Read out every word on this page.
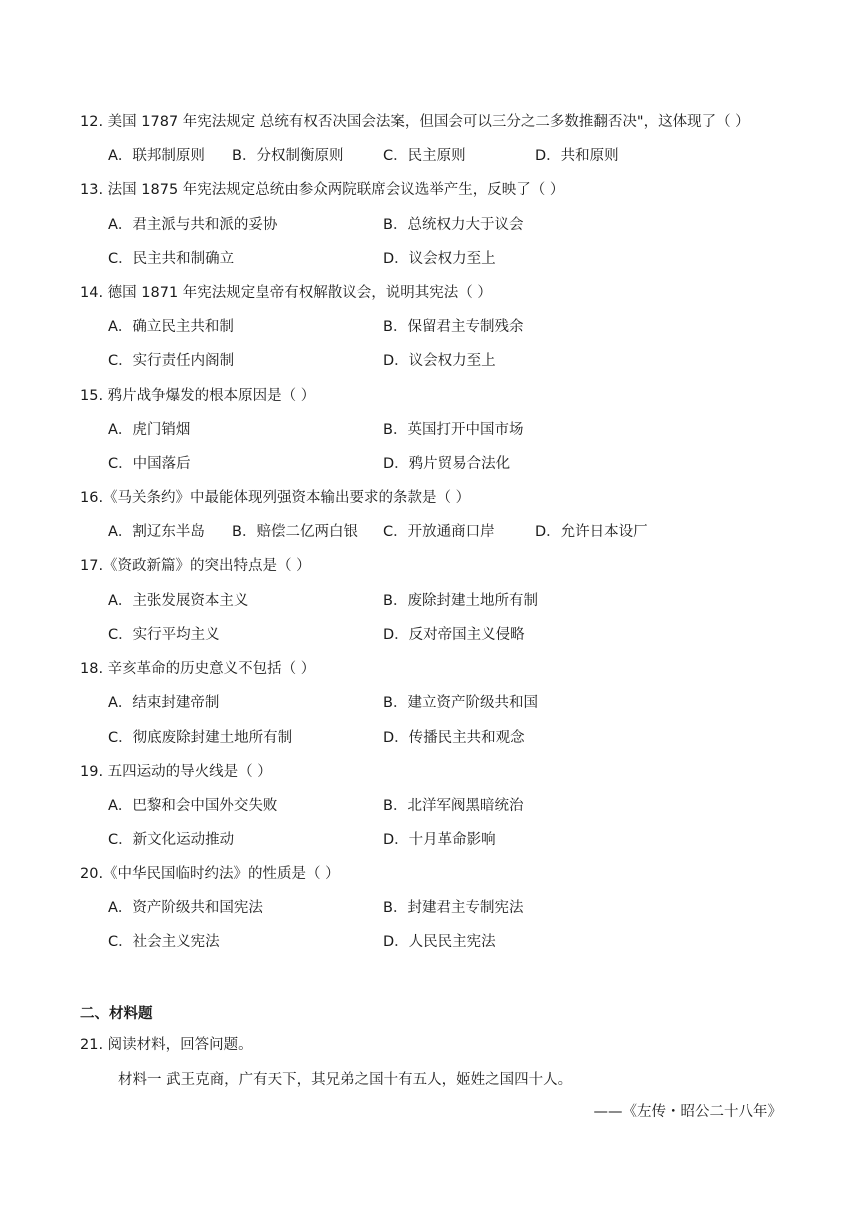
12. 美国 1787 年宪法规定 总统有权否决国会法案，但国会可以三分之二多数推翻否决"，这体现了（ ）
A．联邦制原则 B．分权制衡原则	C．民主原则	D．共和原则
13. 法国 1875 年宪法规定总统由参众两院联席会议选举产生，反映了（ ）
A．君主派与共和派的妥协	B．总统权力大于议会
C．民主共和制确立	D．议会权力至上
14. 德国 1871 年宪法规定皇帝有权解散议会，说明其宪法（ ）
A．确立民主共和制	B．保留君主专制残余
C．实行责任内阁制	D．议会权力至上
15. 鸦片战争爆发的根本原因是（ ）
A．虎门销烟	B．英国打开中国市场
C．中国落后	D．鸦片贸易合法化
16.《马关条约》中最能体现列强资本输出要求的条款是（ ）
A．割辽东半岛 B．赔偿二亿两白银 C．开放通商口岸	D．允许日本设厂
17.《资政新篇》的突出特点是（ ）
A．主张发展资本主义	B．废除封建土地所有制
C．实行平均主义	D．反对帝国主义侵略
18. 辛亥革命的历史意义不包括（ ）
A．结束封建帝制	B．建立资产阶级共和国
C．彻底废除封建土地所有制	D．传播民主共和观念
19. 五四运动的导火线是（ ）
A．巴黎和会中国外交失败	B．北洋军阀黑暗统治
C．新文化运动推动	D．十月革命影响
20.《中华民国临时约法》的性质是（ ）
A．资产阶级共和国宪法	B．封建君主专制宪法
C．社会主义宪法	D．人民民主宪法
二、材料题
21. 阅读材料，回答问题。
材料一 武王克商，广有天下，其兄弟之国十有五人，姬姓之国四十人。
——《左传・昭公二十八年》
